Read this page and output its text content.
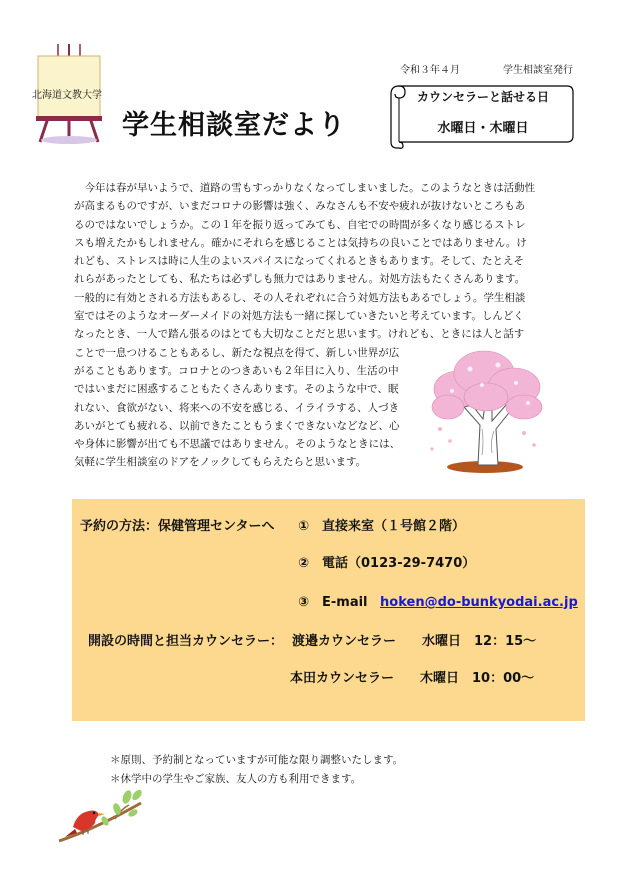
北海道文教大学
学生相談室だより
令和３年４月	学生相談室発行
カウンセラーと話せる日
水曜日・木曜日
　今年は春が早いようで、道路の雪もすっかりなくなってしまいました。このようなときは活動性
が高まるものですが、いまだコロナの影響は強く、みなさんも不安や疲れが抜けないところもあ
るのではないでしょうか。この１年を振り返ってみても、自宅での時間が多くなり感じるストレ
スも増えたかもしれません。確かにそれらを感じることは気持ちの良いことではありません。け
れども、ストレスは時に人生のよいスパイスになってくれるときもあります。そして、たとえそ
れらがあったとしても、私たちは必ずしも無力ではありません。対処方法もたくさんあります。
一般的に有効とされる方法もあるし、その人それぞれに合う対処方法もあるでしょう。学生相談
室ではそのようなオーダーメイドの対処方法も一緒に探していきたいと考えています。しんどく
なったとき、一人で踏ん張るのはとても大切なことだと思います。けれども、ときには人と話す
ことで一息つけることもあるし、新たな視点を得て、新しい世界が広
がることもあります。コロナとのつきあいも２年目に入り、生活の中
ではいまだに困惑することもたくさんあります。そのような中で、眠
れない、食欲がない、将来への不安を感じる、イライラする、人づき
あいがとても疲れる、以前できたこともうまくできないなどなど、心
や身体に影響が出ても不思議ではありません。そのようなときには、
気軽に学生相談室のドアをノックしてもらえたらと思います。
予約の方法：保健管理センターへ ①　直接来室（１号館２階）
②　電話（0123-29-7470）
③　E-mail hoken@do-bunkyodai.ac.jp
開設の時間と担当カウンセラー： 渡邉カウンセラー　　水曜日　12：15～
本田カウンセラー　　木曜日　10：00～
＊原則、予約制となっていますが可能な限り調整いたします。
＊休学中の学生やご家族、友人の方も利用できます。
